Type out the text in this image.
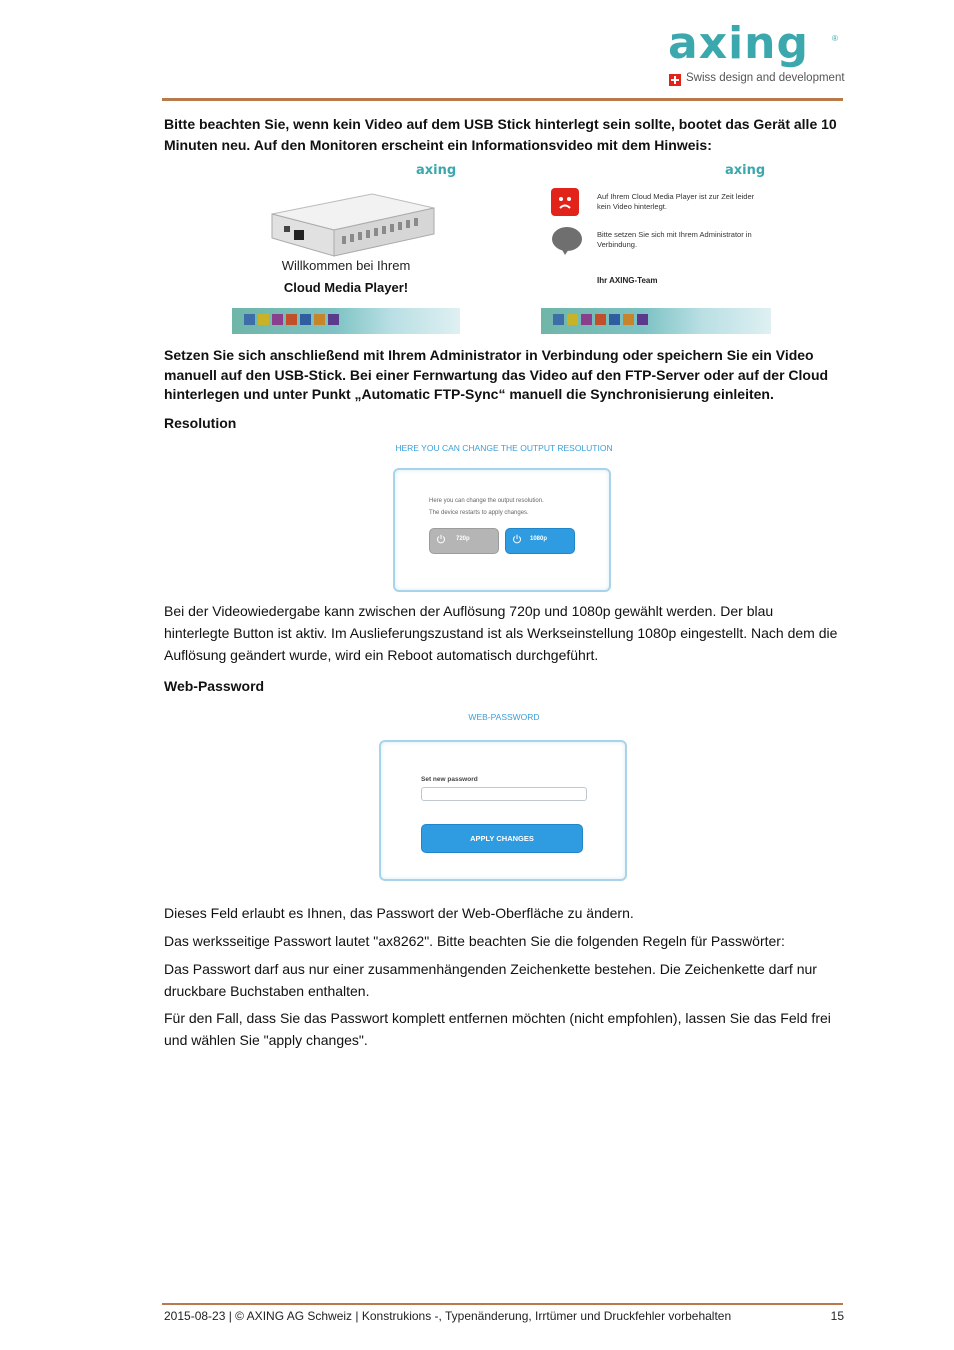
axing	®
Swiss design and development
Bitte beachten Sie, wenn kein Video auf dem USB Stick hinterlegt sein sollte, bootet das Gerät alle 10 Minuten neu. Auf den Monitoren erscheint ein Informationsvideo mit dem Hinweis:
axing
Willkommen bei Ihrem
Cloud Media Player!
axing
Auf Ihrem Cloud Media Player ist zur Zeit leider kein Video hinterlegt.
Bitte setzen Sie sich mit Ihrem Administrator in Verbindung.
Ihr AXING-Team
Setzen Sie sich anschließend mit Ihrem Administrator in Verbindung oder speichern Sie ein Video manuell auf den USB-Stick. Bei einer Fernwartung das Video auf den FTP-Server oder auf der Cloud hinterlegen und unter Punkt „Automatic FTP-Sync“ manuell die Synchronisierung einleiten.
Resolution
HERE YOU CAN CHANGE THE OUTPUT RESOLUTION
Here you can change the output resolution.
The device restarts to apply changes.
720p	1080p
Bei der Videowiedergabe kann zwischen der Auflösung 720p und 1080p gewählt werden. Der blau hinterlegte Button ist aktiv. Im Auslieferungszustand ist als Werkseinstellung 1080p eingestellt. Nach dem die Auflösung geändert wurde, wird ein Reboot automatisch durchgeführt.
Web-Password
WEB-PASSWORD
Set new password
APPLY CHANGES
Dieses Feld erlaubt es Ihnen, das Passwort der Web-Oberfläche zu ändern.
Das werksseitige Passwort lautet "ax8262". Bitte beachten Sie die folgenden Regeln für Passwörter:
Das Passwort darf aus nur einer zusammenhängenden Zeichenkette bestehen. Die Zeichenkette darf nur druckbare Buchstaben enthalten.
Für den Fall, dass Sie das Passwort komplett entfernen möchten (nicht empfohlen), lassen Sie das Feld frei und wählen Sie "apply changes".
2015-08-23 | © AXING AG Schweiz | Konstrukions -, Typenänderung, Irrtümer und Druckfehler vorbehalten	15
